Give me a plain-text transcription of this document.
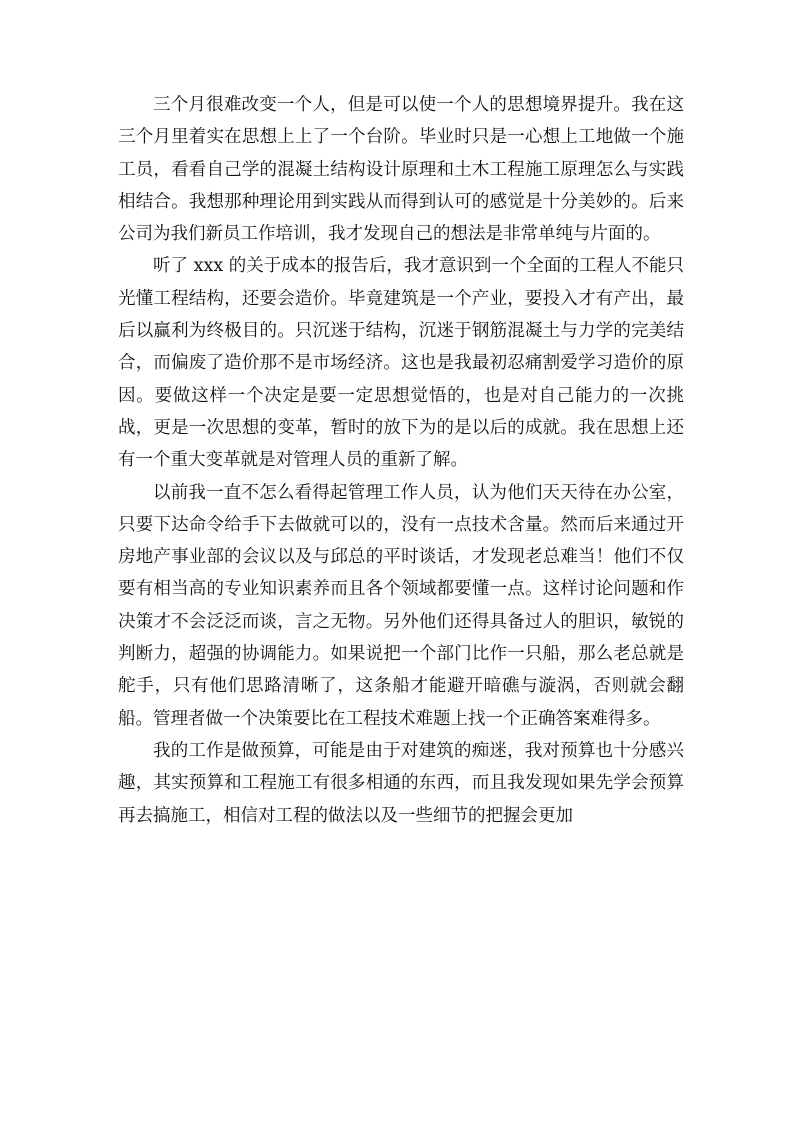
三个月很难改变一个人，但是可以使一个人的思想境界提升。我在这三个月里着实在思想上上了一个台阶。毕业时只是一心想上工地做一个施工员，看看自己学的混凝土结构设计原理和土木工程施工原理怎么与实践相结合。我想那种理论用到实践从而得到认可的感觉是十分美妙的。后来公司为我们新员工作培训，我才发现自己的想法是非常单纯与片面的。

听了 xxx 的关于成本的报告后，我才意识到一个全面的工程人不能只光懂工程结构，还要会造价。毕竟建筑是一个产业，要投入才有产出，最后以赢利为终极目的。只沉迷于结构，沉迷于钢筋混凝土与力学的完美结合，而偏废了造价那不是市场经济。这也是我最初忍痛割爱学习造价的原因。要做这样一个决定是要一定思想觉悟的，也是对自己能力的一次挑战，更是一次思想的变革，暂时的放下为的是以后的成就。我在思想上还有一个重大变革就是对管理人员的重新了解。

以前我一直不怎么看得起管理工作人员，认为他们天天待在办公室，只要下达命令给手下去做就可以的，没有一点技术含量。然而后来通过开房地产事业部的会议以及与邱总的平时谈话，才发现老总难当！他们不仅要有相当高的专业知识素养而且各个领域都要懂一点。这样讨论问题和作决策才不会泛泛而谈，言之无物。另外他们还得具备过人的胆识，敏锐的判断力，超强的协调能力。如果说把一个部门比作一只船，那么老总就是舵手，只有他们思路清晰了，这条船才能避开暗礁与漩涡，否则就会翻船。管理者做一个决策要比在工程技术难题上找一个正确答案难得多。

我的工作是做预算，可能是由于对建筑的痴迷，我对预算也十分感兴趣，其实预算和工程施工有很多相通的东西，而且我发现如果先学会预算再去搞施工，相信对工程的做法以及一些细节的把握会更加
